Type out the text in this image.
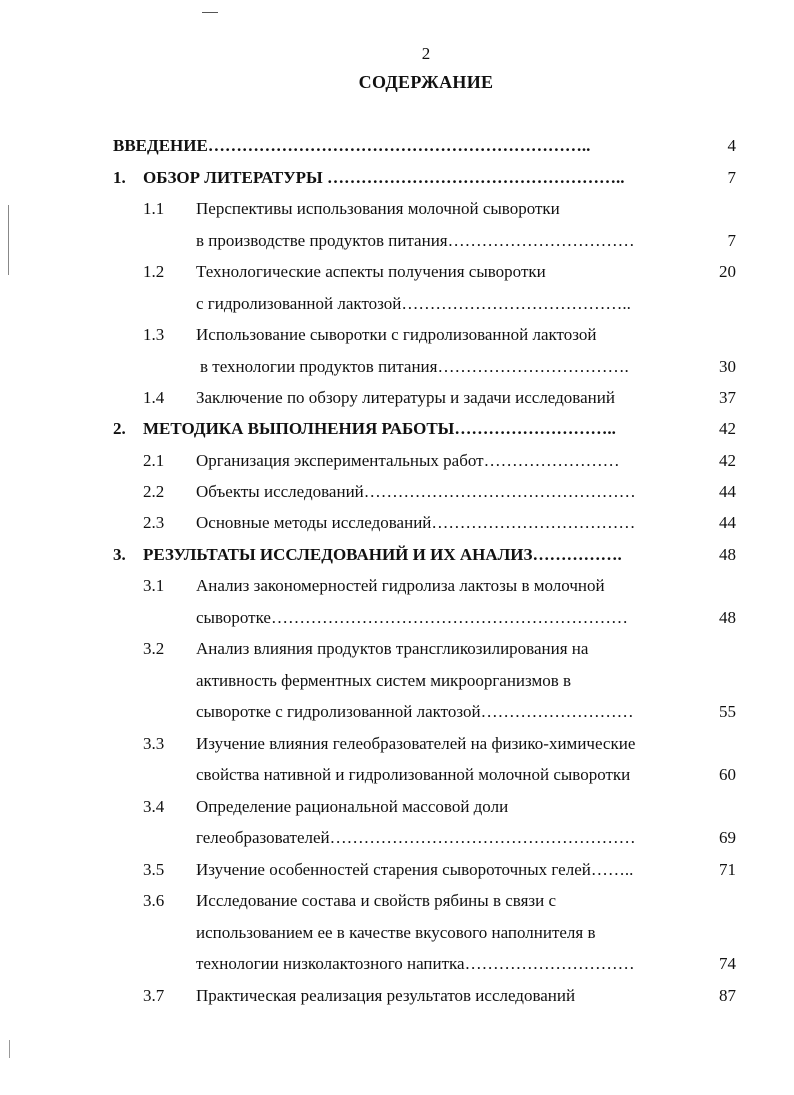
2
СОДЕРЖАНИЕ
ВВЕДЕНИЕ…………………………………………………………..	4
1. ОБЗОР ЛИТЕРАТУРЫ ……………………………………………..	7
1.1 Перспективы использования молочной сыворотки
в производстве продуктов питания……………………………	7
1.2 Технологические аспекты получения сыворотки	20
с гидролизованной лактозой…………………………………..
1.3 Использование сыворотки с гидролизованной лактозой
в технологии продуктов питания…………………………….	30
1.4 Заключение по обзору литературы и задачи исследований	37
2. МЕТОДИКА ВЫПОЛНЕНИЯ РАБОТЫ………………………..	42
2.1 Организация экспериментальных работ……………………	42
2.2 Объекты исследований…………………………………………	44
2.3 Основные методы исследований………………………………	44
3. РЕЗУЛЬТАТЫ ИССЛЕДОВАНИЙ И ИХ АНАЛИЗ…………….	48
3.1 Анализ закономерностей гидролиза лактозы в молочной
сыворотке………………………………………………………	48
3.2 Анализ влияния продуктов трансгликозилирования на
активность ферментных систем микроорганизмов в
сыворотке с гидролизованной лактозой………………………	55
3.3 Изучение влияния гелеобразователей на физико-химические
свойства нативной и гидролизованной молочной сыворотки	60
3.4 Определение рациональной массовой доли
гелеобразователей………………………………………………	69
3.5 Изучение особенностей старения сывороточных гелей……..	71
3.6 Исследование состава и свойств рябины в связи с
использованием ее в качестве вкусового наполнителя в
технологии низколактозного напитка…………………………	74
3.7 Практическая реализация результатов исследований	87
